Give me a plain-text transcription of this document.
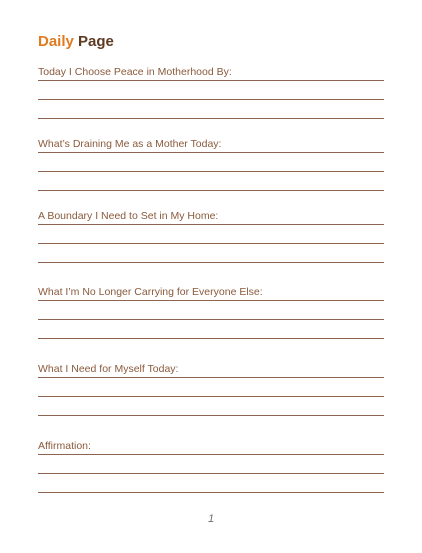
Daily Page
Today I Choose Peace in Motherhood By:
What’s Draining Me as a Mother Today:
A Boundary I Need to Set in My Home:
What I’m No Longer Carrying for Everyone Else:
What I Need for Myself Today:
Affirmation:
1
